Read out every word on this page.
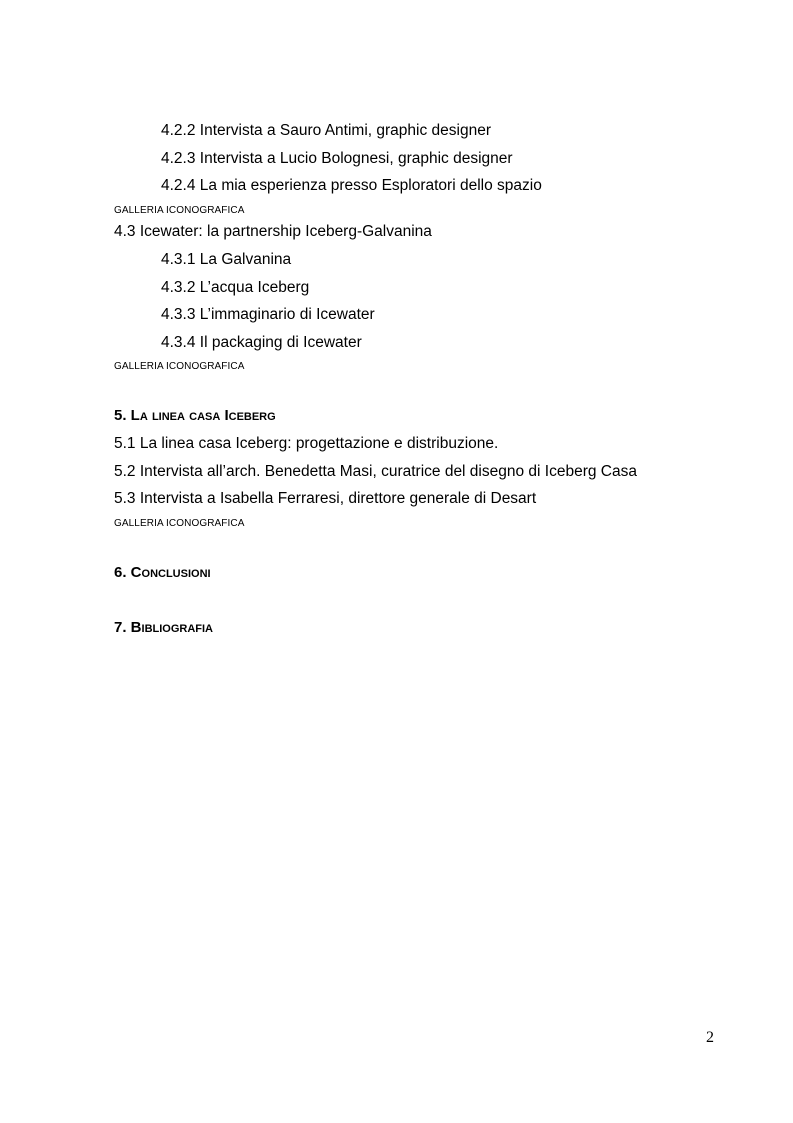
4.2.2 Intervista a Sauro Antimi, graphic designer
4.2.3 Intervista a Lucio Bolognesi, graphic designer
4.2.4 La mia esperienza presso Esploratori dello spazio
GALLERIA ICONOGRAFICA
4.3 Icewater: la partnership Iceberg-Galvanina
4.3.1 La Galvanina
4.3.2 L’acqua Iceberg
4.3.3 L’immaginario di Icewater
4.3.4 Il packaging di Icewater
GALLERIA ICONOGRAFICA
5. La linea casa Iceberg
5.1 La linea casa Iceberg: progettazione e distribuzione.
5.2 Intervista all’arch. Benedetta Masi, curatrice del disegno di Iceberg Casa
5.3 Intervista a Isabella Ferraresi, direttore generale di Desart
GALLERIA ICONOGRAFICA
6. Conclusioni
7. Bibliografia
2
